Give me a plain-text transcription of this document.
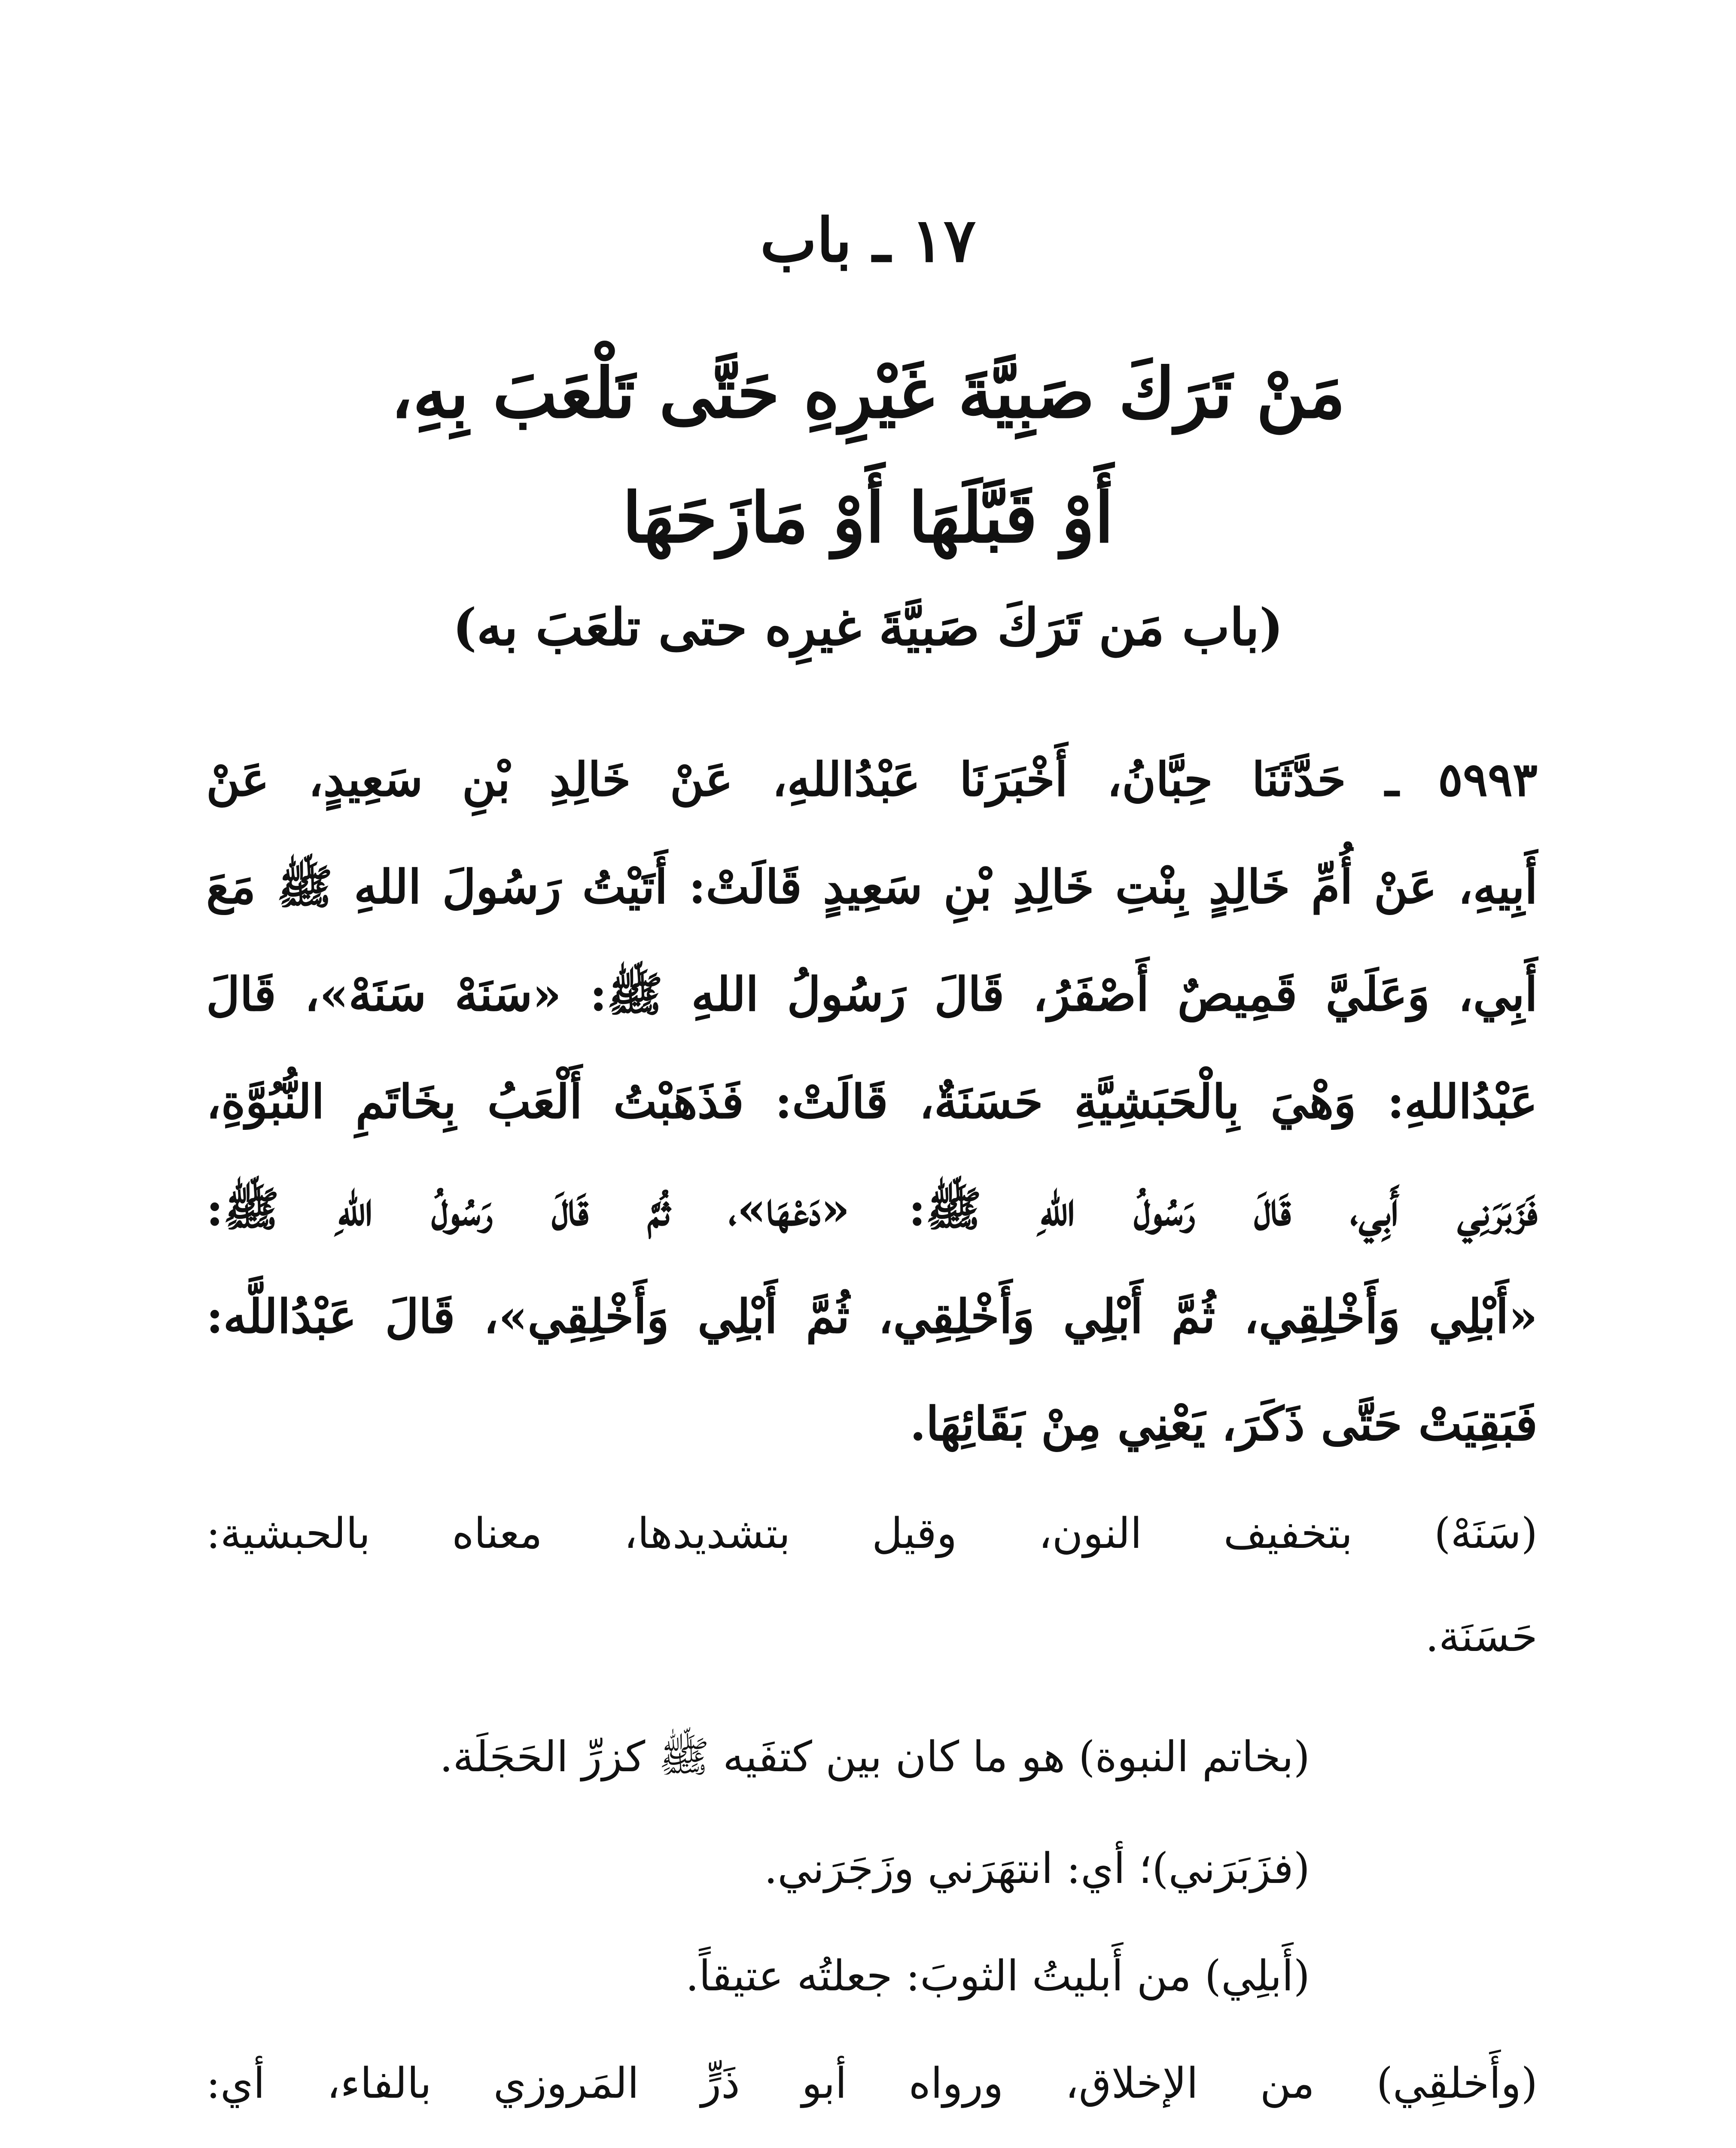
١٧ ـ باب
مَنْ تَرَكَ صَبِيَّةَ غَيْرِهِ حَتَّى تَلْعَبَ بِهِ،
أَوْ قَبَّلَهَا أَوْ مَازَحَهَا
(باب مَن تَرَكَ صَبيَّةَ غيرِه حتى تلعَبَ به)
٥٩٩٣ ـ حَدَّثَنَا حِبَّانُ، أَخْبَرَنَا عَبْدُاللهِ، عَنْ خَالِدِ بْنِ سَعِيدٍ، عَنْ
أَبِيهِ، عَنْ أُمِّ خَالِدٍ بِنْتِ خَالِدِ بْنِ سَعِيدٍ قَالَتْ: أَتَيْتُ رَسُولَ اللهِ ﷺ مَعَ
أَبِي، وَعَلَيَّ قَمِيصٌ أَصْفَرُ، قَالَ رَسُولُ اللهِ ﷺ: «سَنَهْ سَنَهْ»، قَالَ
عَبْدُاللهِ: وَهْيَ بِالْحَبَشِيَّةِ حَسَنَةٌ، قَالَتْ: فَذَهَبْتُ أَلْعَبُ بِخَاتَمِ النُّبُوَّةِ،
فَزَبَرَنِي أَبِي، قَالَ رَسُولُ اللهِ ﷺ: «دَعْهَا»، ثُمَّ قَالَ رَسُولُ اللهِ ﷺ:
«أَبْلِي وَأَخْلِقِي، ثُمَّ أَبْلِي وَأَخْلِقِي، ثُمَّ أَبْلِي وَأَخْلِقِي»، قَالَ عَبْدُاللَّه:
فَبَقِيَتْ حَتَّى ذَكَرَ، يَعْنِي مِنْ بَقَائِهَا.
(سَنَهْ) بتخفيف النون، وقيل بتشديدها، معناه بالحبشية:
حَسَنَة.
(بخاتم النبوة) هو ما كان بين كتفَيه ﷺ كزرِّ الحَجَلَة.
(فزَبَرَني)؛ أي: انتهَرَني وزَجَرَني.
(أَبلِي) من أَبليتُ الثوبَ: جعلتُه عتيقاً.
(وأَخلقِي) من الإخلاق، ورواه أبو ذَرٍّ المَروزي بالفاء، أي:
